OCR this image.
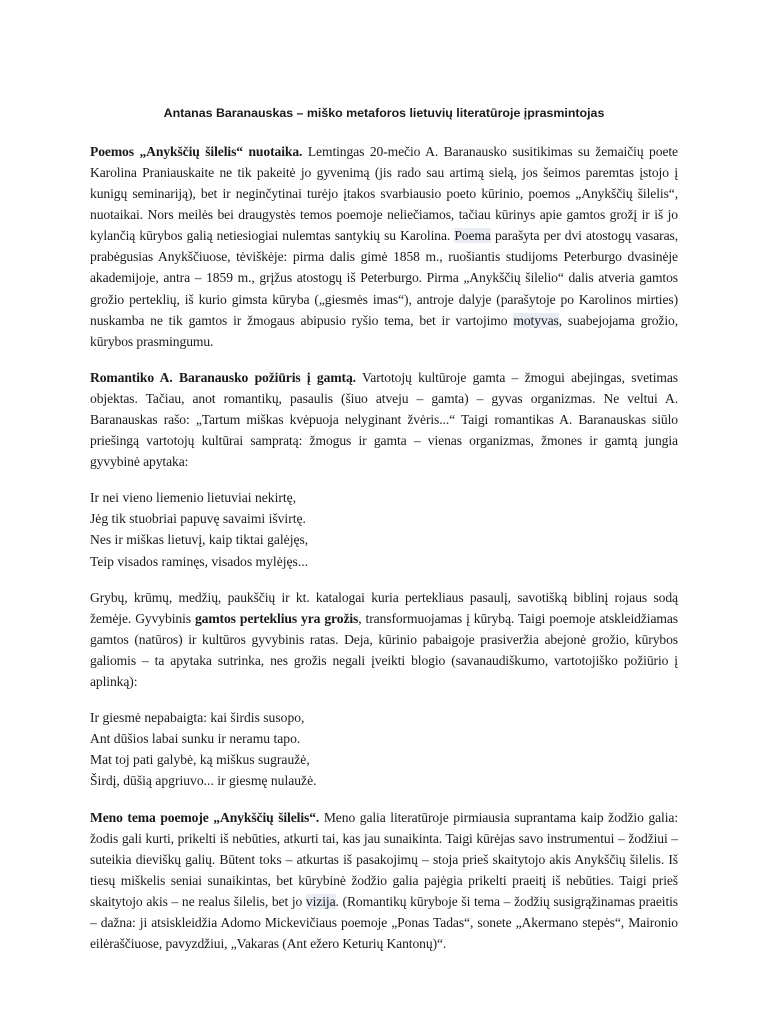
Antanas Baranauskas – miško metaforos lietuvių literatūroje įprasmintojas

Poemos „Anykščių šilelis“ nuotaika. Lemtingas 20-mečio A. Baranausko susitikimas su žemaičių poete Karolina Praniauskaite ne tik pakeitė jo gyvenimą (jis rado sau artimą sielą, jos šeimos paremtas įstojo į kunigų seminariją), bet ir neginčytinai turėjo įtakos svarbiausio poeto kūrinio, poemos „Anykščių šilelis“, nuotaikai. Nors meilės bei draugystės temos poemoje neliečiamos, tačiau kūrinys apie gamtos grožį ir iš jo kylančią kūrybos galią netiesiogiai nulemtas santykių su Karolina. Poema parašyta per dvi atostogų vasaras, prabėgusias Anykščiuose, tėviškėje: pirma dalis gimė 1858 m., ruošiantis studijoms Peterburgo dvasinėje akademijoje, antra – 1859 m., grįžus atostogų iš Peterburgo. Pirma „Anykščių šilelio“ dalis atveria gamtos grožio perteklių, iš kurio gimsta kūryba („giesmės imas“), antroje dalyje (parašytoje po Karolinos mirties) nuskamba ne tik gamtos ir žmogaus abipusio ryšio tema, bet ir vartojimo motyvas, suabejojama grožio, kūrybos prasmingumu.

Romantiko A. Baranausko požiūris į gamtą. Vartotojų kultūroje gamta – žmogui abejingas, svetimas objektas. Tačiau, anot romantikų, pasaulis (šiuo atveju – gamta) – gyvas organizmas. Ne veltui A. Baranauskas rašo: „Tartum miškas kvėpuoja nelyginant žvėris...“ Taigi romantikas A. Baranauskas siūlo priešingą vartotojų kultūrai sampratą: žmogus ir gamta – vienas organizmas, žmones ir gamtą jungia gyvybinė apytaka:

Ir nei vieno liemenio lietuviai nekirtę,
Jėg tik stuobriai papuvę savaimi išvirtę.
Nes ir miškas lietuvį, kaip tiktai galėjęs,
Teip visados raminęs, visados mylėjęs...

Grybų, krūmų, medžių, paukščių ir kt. katalogai kuria pertekliaus pasaulį, savotišką biblinį rojaus sodą žemėje. Gyvybinis gamtos perteklius yra grožis, transformuojamas į kūrybą. Taigi poemoje atskleidžiamas gamtos (natūros) ir kultūros gyvybinis ratas. Deja, kūrinio pabaigoje prasiveržia abejonė grožio, kūrybos galiomis – ta apytaka sutrinka, nes grožis negali įveikti blogio (savanaudiškumo, vartotojiško požiūrio į aplinką):

Ir giesmė nepabaigta: kai širdis susopo,
Ant dūšios labai sunku ir neramu tapo.
Mat toj pati galybė, ką miškus sugraužė,
Širdį, dūšią apgriuvo... ir giesmę nulaužė.

Meno tema poemoje „Anykščių šilelis“. Meno galia literatūroje pirmiausia suprantama kaip žodžio galia: žodis gali kurti, prikelti iš nebūties, atkurti tai, kas jau sunaikinta. Taigi kūrėjas savo instrumentui – žodžiui – suteikia dieviškų galių. Būtent toks – atkurtas iš pasakojimų – stoja prieš skaitytojo akis Anykščių šilelis. Iš tiesų miškelis seniai sunaikintas, bet kūrybinė žodžio galia pajėgia prikelti praeitį iš nebūties. Taigi prieš skaitytojo akis – ne realus šilelis, bet jo vizija. (Romantikų kūryboje ši tema – žodžių susigrąžinamas praeitis – dažna: ji atsiskleidžia Adomo Mickevičiaus poemoje „Ponas Tadas“, sonete „Akermano stepės“, Maironio eilėraščiuose, pavyzdžiui, „Vakaras (Ant ežero Keturių Kantonų)“.
